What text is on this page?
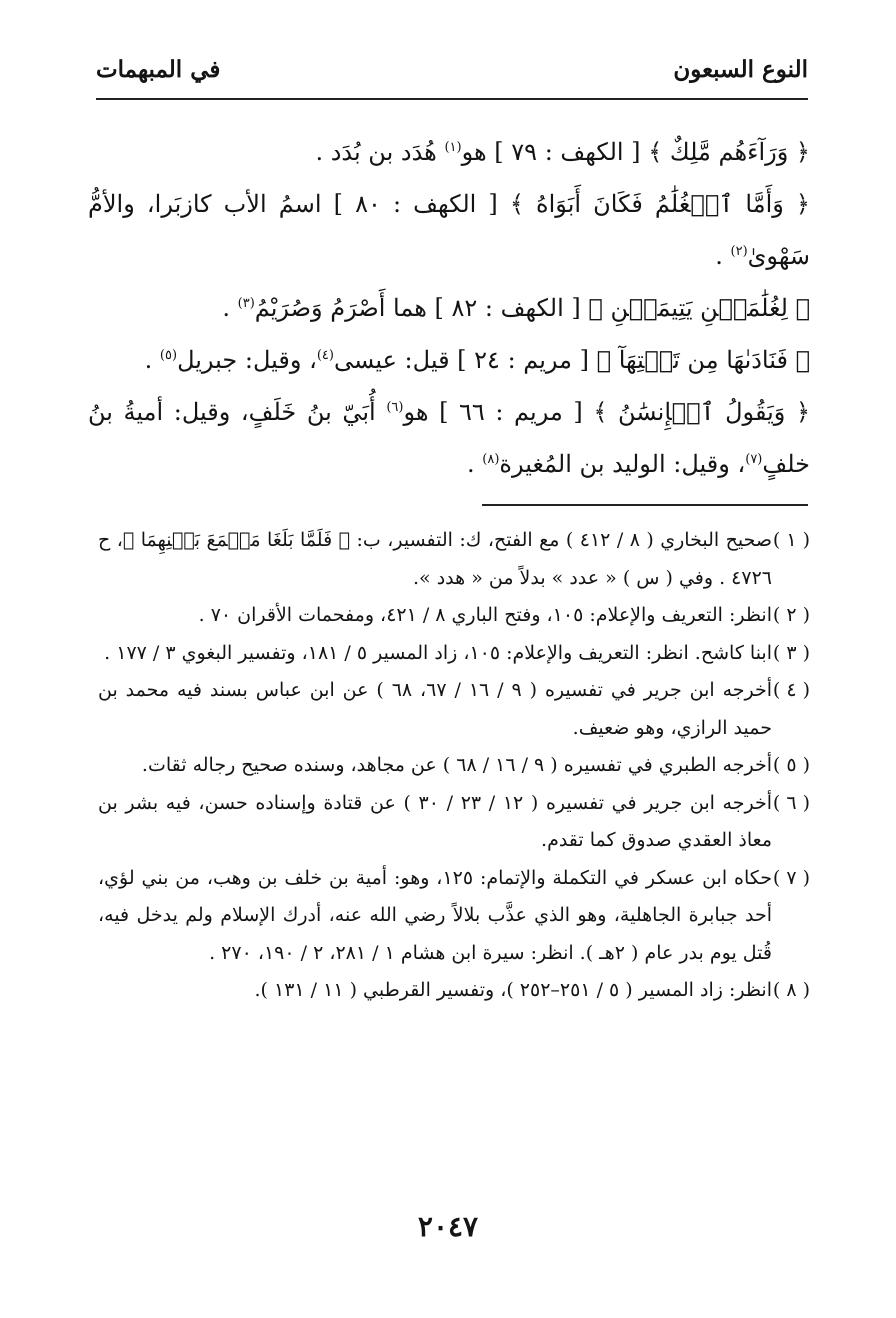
النوع السبعون
في المبهمات

﴿ وَرَآءَهُم مَّلِكٌ ﴾ [ الكهف : ٧٩ ] هو$^{(١)}$ هُدَد بن بُدَد .

﴿ وَأَمَّا ٱلۡغُلَٰمُ فَكَانَ أَبَوَاهُ ﴾ [ الكهف : ٨٠ ] اسمُ الأب كازبَرا، والأمُّ سَهْوىٰ$^{(٢)}$ .

﴿ لِغُلَٰمَيۡنِ يَتِيمَيۡنِ ﴾ [ الكهف : ٨٢ ] هما أَصْرَمُ وَصُرَيْمُ$^{(٣)}$ .

﴿ فَنَادَىٰهَا مِن تَحۡتِهَآ ﴾ [ مريم : ٢٤ ] قيل: عيسى$^{(٤)}$، وقيل: جبريل$^{(٥)}$ .

﴿ وَيَقُولُ ٱلۡإِنسَٰنُ ﴾ [ مريم : ٦٦ ] هو$^{(٦)}$ أُبَيّ بنُ خَلَفٍ، وقيل: أميةُ بنُ خلفٍ$^{(٧)}$، وقيل: الوليد بن المُغيرة$^{(٨)}$ .

( ١ )
صحيح البخاري ( ٨ / ٤١٢ ) مع الفتح، ك: التفسير، ب: ﴿ فَلَمَّا بَلَغَا مَجۡمَعَ بَيۡنِهِمَا ﴾، ح ٤٧٢٦ . وفي ( س ) « عدد » بدلاً من « هدد ».
( ٢ )
انظر: التعريف والإعلام: ١٠٥، وفتح الباري ٨ / ٤٢١، ومفحمات الأقران ٧٠ .
( ٣ )
ابنا كاشح. انظر: التعريف والإعلام: ١٠٥، زاد المسير ٥ / ١٨١، وتفسير البغوي ٣ / ١٧٧ .
( ٤ )
أخرجه ابن جرير في تفسيره ( ٩ / ١٦ / ٦٧، ٦٨ ) عن ابن عباس بسند فيه محمد بن حميد الرازي، وهو ضعيف.
( ٥ )
أخرجه الطبري في تفسيره ( ٩ / ١٦ / ٦٨ ) عن مجاهد، وسنده صحيح رجاله ثقات.
( ٦ )
أخرجه ابن جرير في تفسيره ( ١٢ / ٢٣ / ٣٠ ) عن قتادة وإسناده حسن، فيه بشر بن معاذ العقدي صدوق كما تقدم.
( ٧ )
حكاه ابن عسكر في التكملة والإتمام: ١٢٥، وهو: أمية بن خلف بن وهب، من بني لؤي، أحد جبابرة الجاهلية، وهو الذي عذَّب بلالاً رضي الله عنه، أدرك الإسلام ولم يدخل فيه، قُتل يوم بدر عام ( ٢هـ ). انظر: سيرة ابن هشام ١ / ٢٨١، ٢ / ١٩٠، ٢٧٠ .
( ٨ )
انظر: زاد المسير ( ٥ / ٢٥١–٢٥٢ )، وتفسير القرطبي ( ١١ / ١٣١ ).
٢٠٤٧
